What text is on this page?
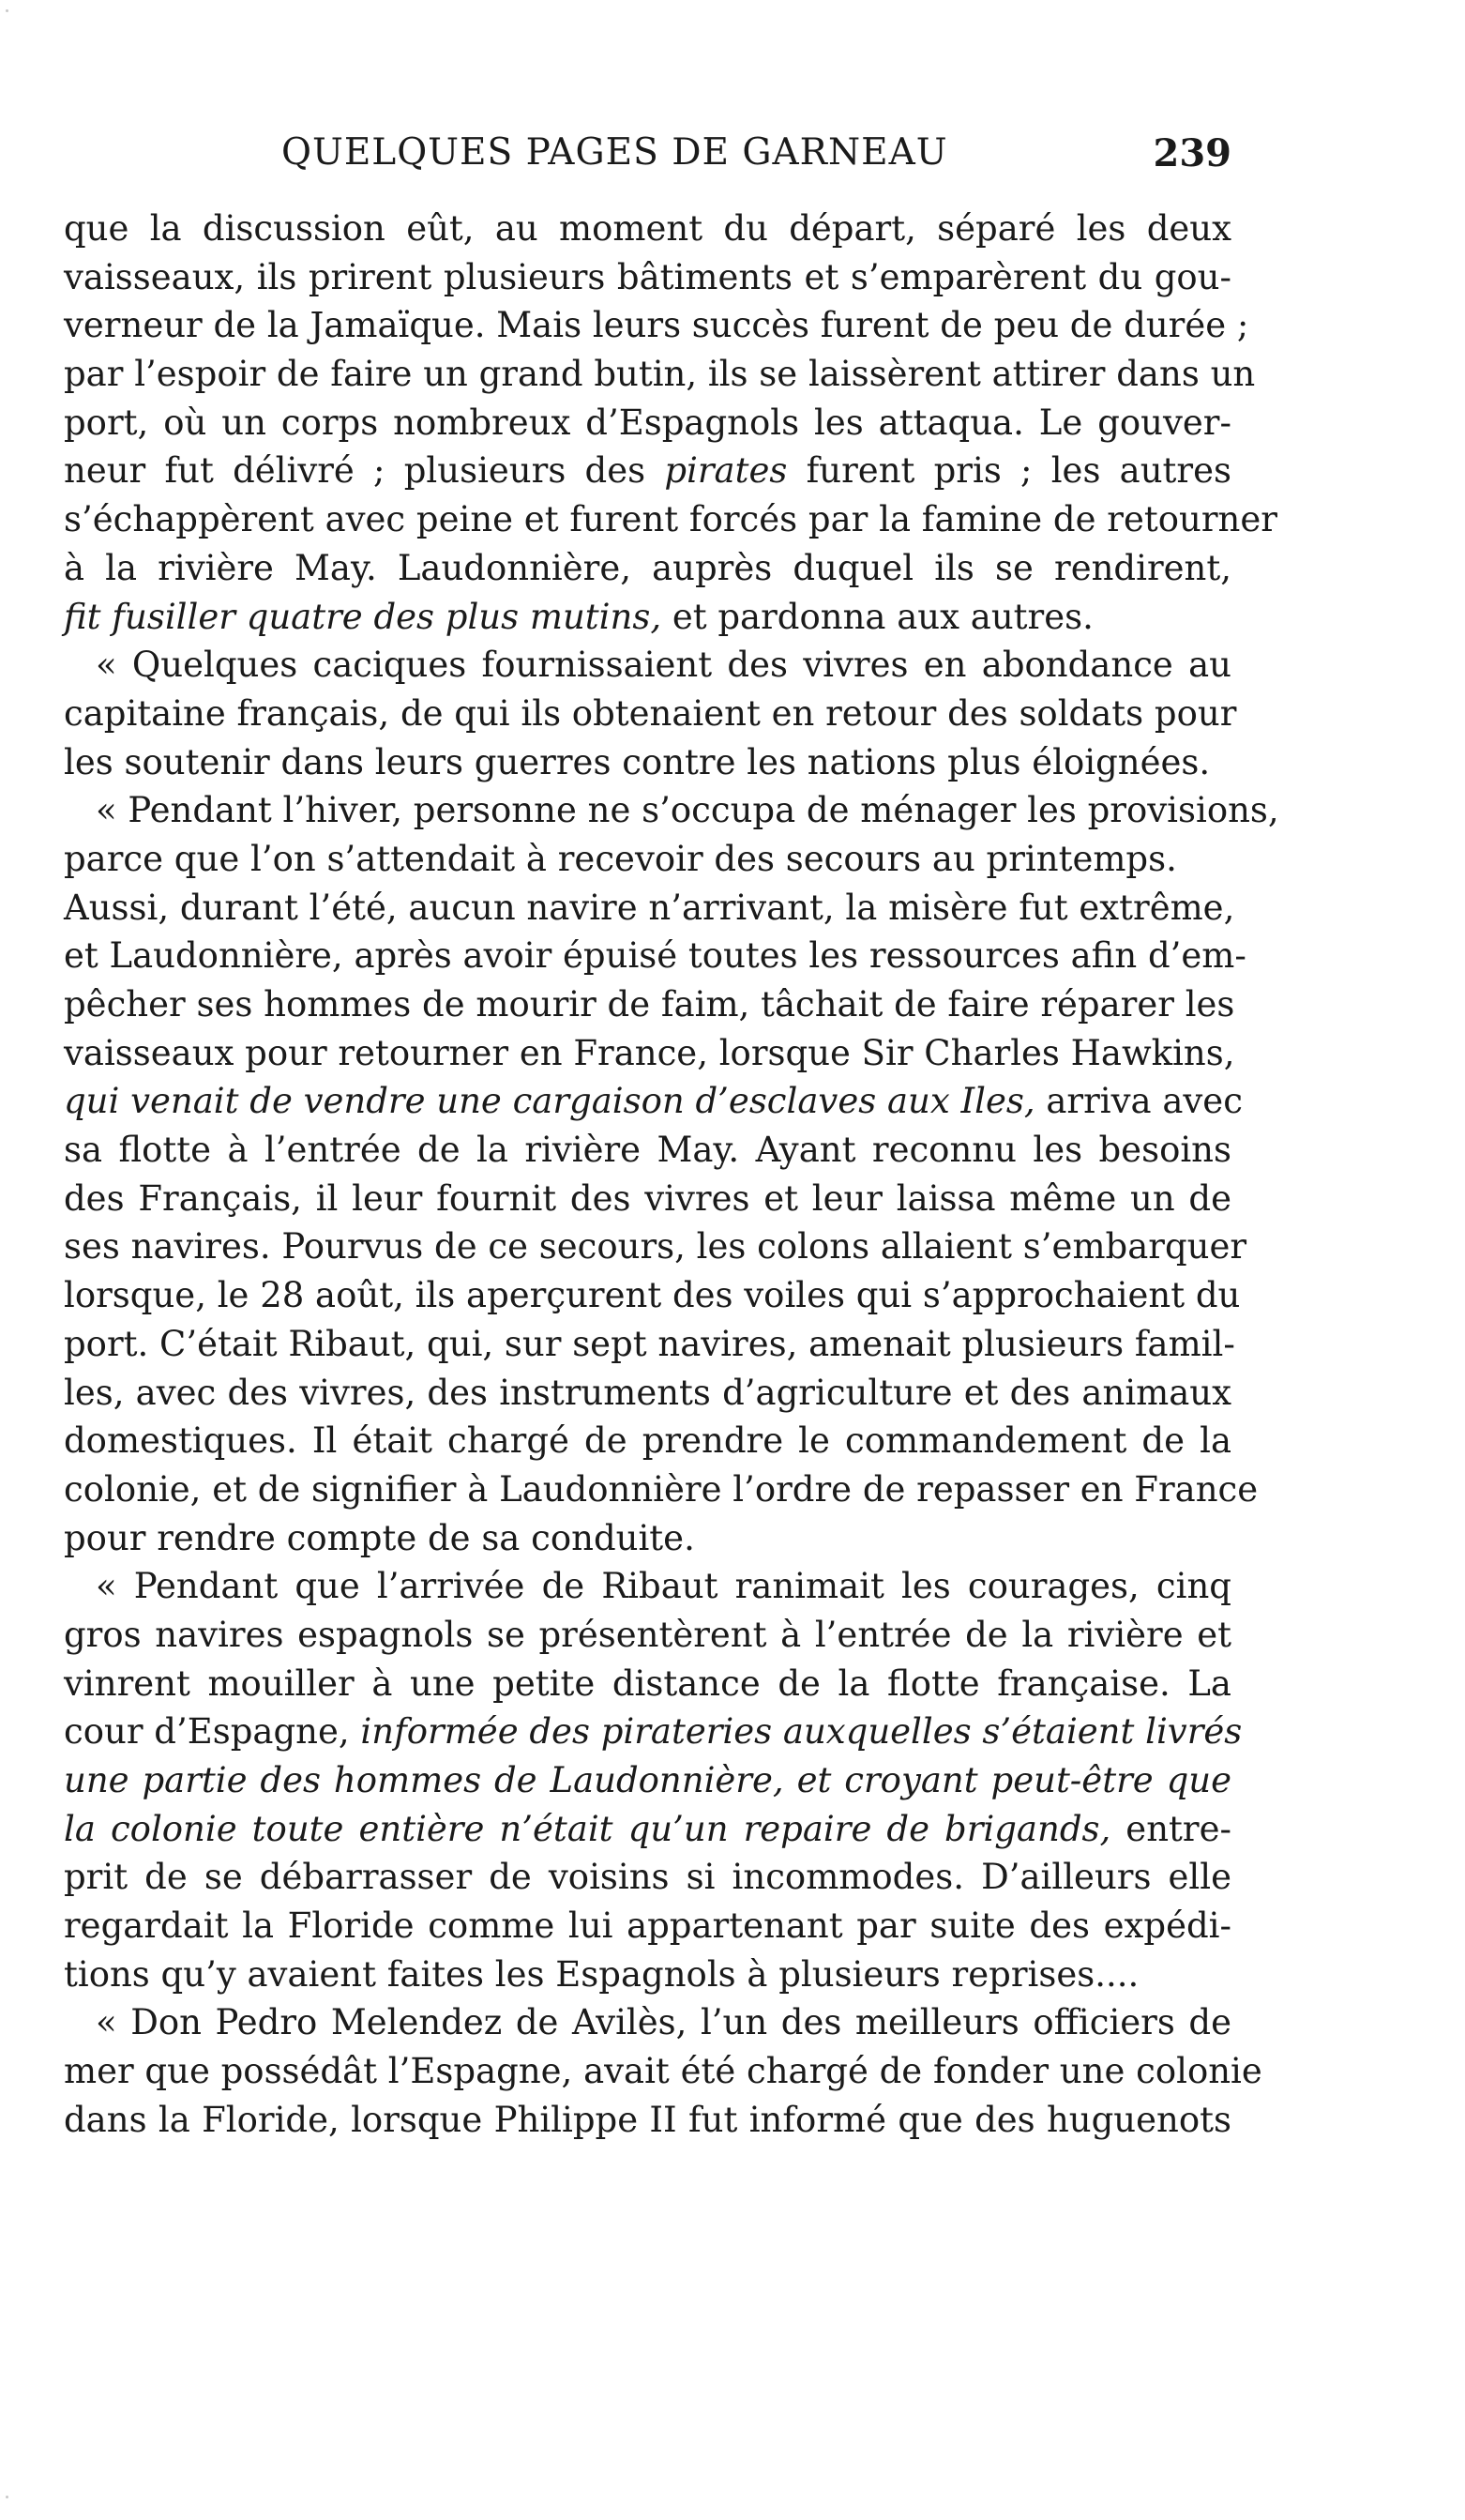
QUELQUES PAGES DE GARNEAU	239
que la discussion eût, au moment du départ, séparé les deux
vaisseaux, ils prirent plusieurs bâtiments et s’emparèrent du gou-
verneur de la Jamaïque. Mais leurs succès furent de peu de durée ;
par l’espoir de faire un grand butin, ils se laissèrent attirer dans un
port, où un corps nombreux d’Espagnols les attaqua. Le gouver-
neur fut délivré ; plusieurs des pirates furent pris ; les autres
s’échappèrent avec peine et furent forcés par la famine de retourner
à la rivière May. Laudonnière, auprès duquel ils se rendirent,
fit fusiller quatre des plus mutins, et pardonna aux autres.
« Quelques caciques fournissaient des vivres en abondance au
capitaine français, de qui ils obtenaient en retour des soldats pour
les soutenir dans leurs guerres contre les nations plus éloignées.
« Pendant l’hiver, personne ne s’occupa de ménager les provisions,
parce que l’on s’attendait à recevoir des secours au printemps.
Aussi, durant l’été, aucun navire n’arrivant, la misère fut extrême,
et Laudonnière, après avoir épuisé toutes les ressources afin d’em-
pêcher ses hommes de mourir de faim, tâchait de faire réparer les
vaisseaux pour retourner en France, lorsque Sir Charles Hawkins,
qui venait de vendre une cargaison d’esclaves aux Iles, arriva avec
sa flotte à l’entrée de la rivière May. Ayant reconnu les besoins
des Français, il leur fournit des vivres et leur laissa même un de
ses navires. Pourvus de ce secours, les colons allaient s’embarquer
lorsque, le 28 août, ils aperçurent des voiles qui s’approchaient du
port. C’était Ribaut, qui, sur sept navires, amenait plusieurs famil-
les, avec des vivres, des instruments d’agriculture et des animaux
domestiques. Il était chargé de prendre le commandement de la
colonie, et de signifier à Laudonnière l’ordre de repasser en France
pour rendre compte de sa conduite.
« Pendant que l’arrivée de Ribaut ranimait les courages, cinq
gros navires espagnols se présentèrent à l’entrée de la rivière et
vinrent mouiller à une petite distance de la flotte française. La
cour d’Espagne, informée des pirateries auxquelles s’étaient livrés
une partie des hommes de Laudonnière, et croyant peut-être que
la colonie toute entière n’était qu’un repaire de brigands, entre-
prit de se débarrasser de voisins si incommodes. D’ailleurs elle
regardait la Floride comme lui appartenant par suite des expédi-
tions qu’y avaient faites les Espagnols à plusieurs reprises....
« Don Pedro Melendez de Avilès, l’un des meilleurs officiers de
mer que possédât l’Espagne, avait été chargé de fonder une colonie
dans la Floride, lorsque Philippe II fut informé que des huguenots
